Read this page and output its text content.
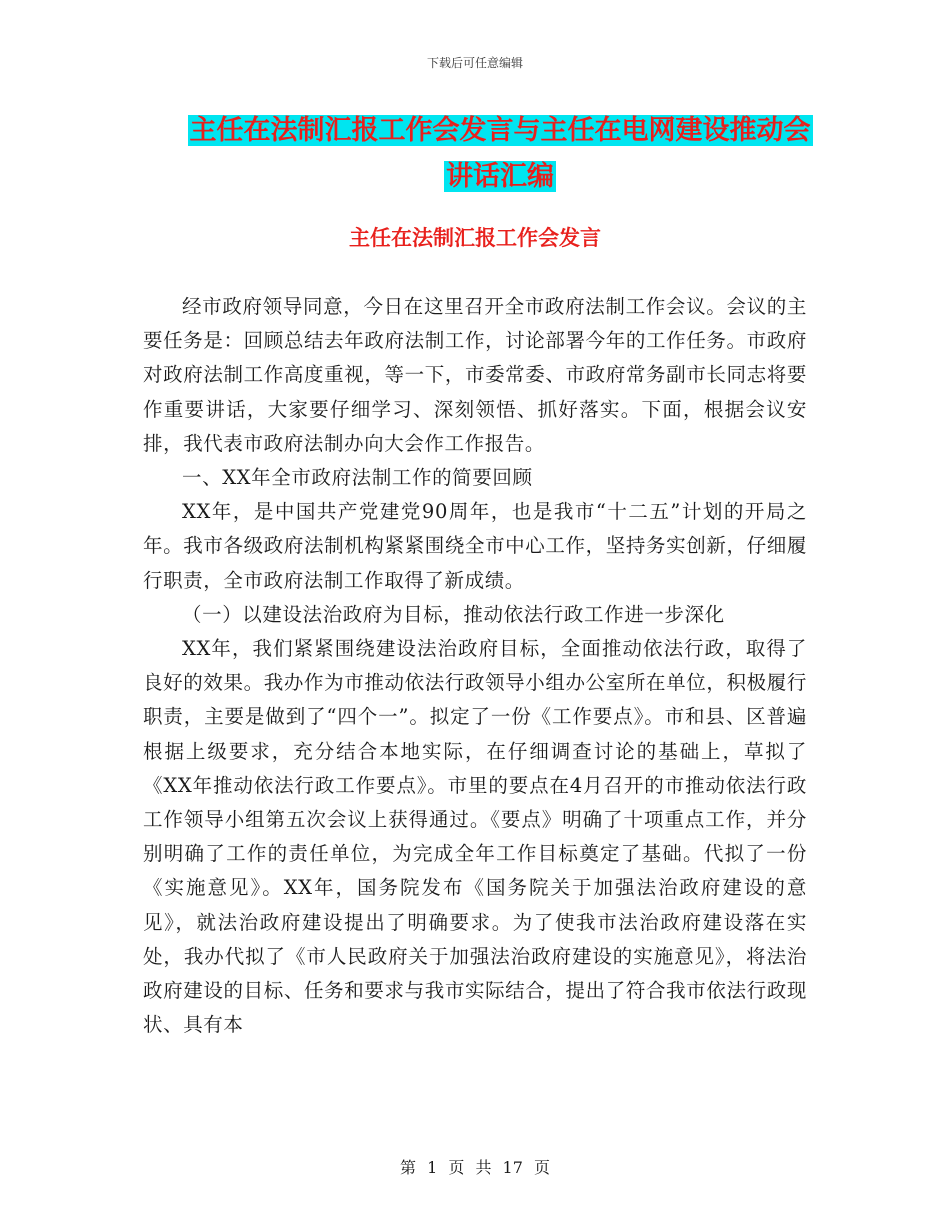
下载后可任意编辑
主任在法制汇报工作会发言与主任在电网建设推动会
讲话汇编
主任在法制汇报工作会发言

经市政府领导同意，今日在这里召开全市政府法制工作会议。会议的主要任务是：回顾总结去年政府法制工作，讨论部署今年的工作任务。市政府对政府法制工作高度重视，等一下，市委常委、市政府常务副市长同志将要作重要讲话，大家要仔细学习、深刻领悟、抓好落实。下面，根据会议安排，我代表市政府法制办向大会作工作报告。

一、XX年全市政府法制工作的简要回顾

XX年，是中国共产党建党90周年，也是我市“十二五”计划的开局之年。我市各级政府法制机构紧紧围绕全市中心工作，坚持务实创新，仔细履行职责，全市政府法制工作取得了新成绩。

（一）以建设法治政府为目标，推动依法行政工作进一步深化

XX年，我们紧紧围绕建设法治政府目标，全面推动依法行政，取得了良好的效果。我办作为市推动依法行政领导小组办公室所在单位，积极履行职责，主要是做到了“四个一”。拟定了一份《工作要点》。市和县、区普遍根据上级要求，充分结合本地实际，在仔细调查讨论的基础上，草拟了《XX年推动依法行政工作要点》。市里的要点在4月召开的市推动依法行政工作领导小组第五次会议上获得通过。《要点》明确了十项重点工作，并分别明确了工作的责任单位，为完成全年工作目标奠定了基础。代拟了一份《实施意见》。XX年，国务院发布《国务院关于加强法治政府建设的意见》，就法治政府建设提出了明确要求。为了使我市法治政府建设落在实处，我办代拟了《市人民政府关于加强法治政府建设的实施意见》，将法治政府建设的目标、任务和要求与我市实际结合，提出了符合我市依法行政现状、具有本

第 1 页 共 17 页
